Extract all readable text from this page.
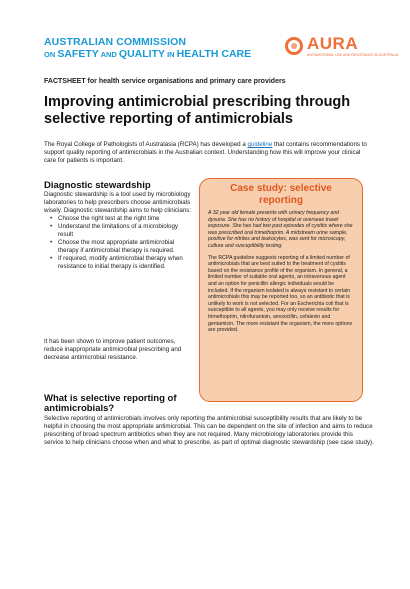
AUSTRALIAN COMMISSION
ON SAFETY AND QUALITY IN HEALTH CARE
AURA
ANTIMICROBIAL USE AND RESISTANCE IN AUSTRALIA
FACTSHEET for health service organisations and primary care providers
Improving antimicrobial prescribing through selective reporting of antimicrobials
The Royal College of Pathologists of Australasia (RCPA) has developed a guideline that contains recommendations to support quality reporting of antimicrobials in the Australian context. Understanding how this will improve your clinical care for patients is important.
Diagnostic stewardship
Diagnostic stewardship is a tool used by microbiology laboratories to help prescribers choose antimicrobials wisely. Diagnostic stewardship aims to help clinicians:
• Choose the right test at the right time
• Understand the limitations of a microbiology result
• Choose the most appropriate antimicrobial therapy if antimicrobial therapy is required.
• If required, modify antimicrobial therapy when resistance to initial therapy is identified.
It has been shown to improve patient outcomes, reduce inappropriate antimicrobial prescribing and decrease antimicrobial resistance.
Case study: selective reporting
A 32 year old female presents with urinary frequency and dysuria. She has no history of hospital or overseas travel exposure. She has had two past episodes of cystitis where she was prescribed oral trimethoprim. A midstream urine sample, positive for nitrites and leukocytes, was sent for microscopy, culture and susceptibility testing.
The RCPA guideline suggests reporting of a limited number of antimicrobials that are best suited to the treatment of cystitis based on the resistance profile of the organism. In general, a limited number of suitable oral agents, an intravenous agent and an option for penicillin allergic individuals would be included. If the organism isolated is always resistant to certain antimicrobials this may be reported too, so an antibiotic that is unlikely to work is not selected. For an Escherichia coli that is susceptible to all agents, you may only receive results for trimethoprim, nitrofurantoin, amoxicillin, cefalexin and gentamicin. The more resistant the organism, the more options are provided.
What is selective reporting of antimicrobials?
Selective reporting of antimicrobials involves only reporting the antimicrobial susceptibility results that are likely to be helpful in choosing the most appropriate antimicrobial. This can be dependent on the site of infection and aims to reduce prescribing of broad spectrum antibiotics when they are not required. Many microbiology laboratories provide this service to help clinicians choose when and what to prescribe, as part of optimal diagnostic stewardship (see case study).
